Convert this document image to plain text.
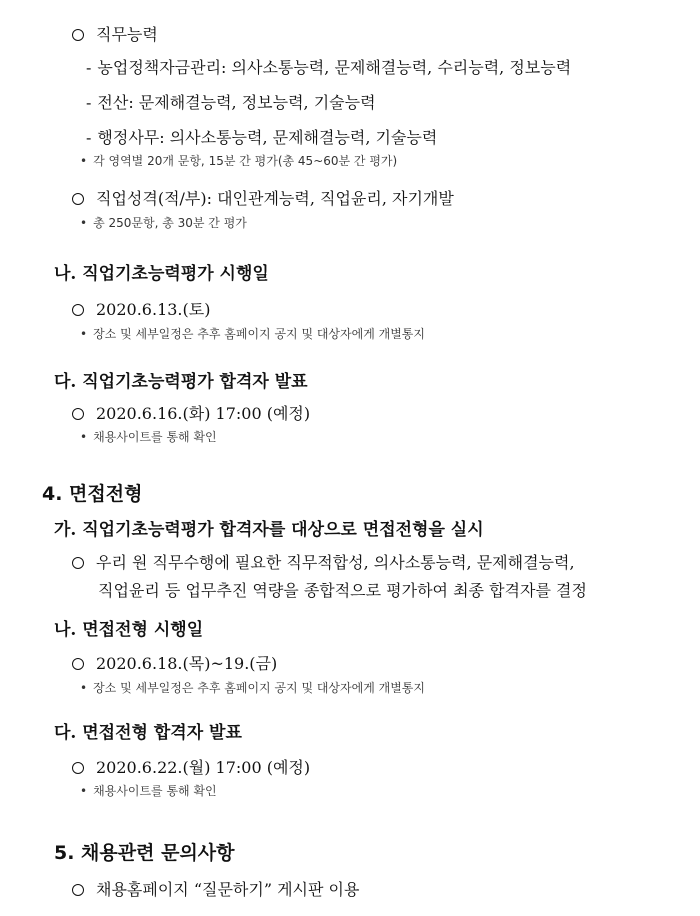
직무능력
- 농업정책자금관리: 의사소통능력, 문제해결능력, 수리능력, 정보능력
- 전산: 문제해결능력, 정보능력, 기술능력
- 행정사무: 의사소통능력, 문제해결능력, 기술능력
• 각 영역별 20개 문항, 15분 간 평가(총 45~60분 간 평가)
직업성격(적/부): 대인관계능력, 직업윤리, 자기개발
• 총 250문항, 총 30분 간 평가
나. 직업기초능력평가 시행일
2020.6.13.(토)
• 장소 및 세부일정은 추후 홈페이지 공지 및 대상자에게 개별통지
다. 직업기초능력평가 합격자 발표
2020.6.16.(화) 17:00 (예정)
• 채용사이트를 통해 확인
4. 면접전형
가. 직업기초능력평가 합격자를 대상으로 면접전형을 실시
우리 원 직무수행에 필요한 직무적합성, 의사소통능력, 문제해결능력,
직업윤리 등 업무추진 역량을 종합적으로 평가하여 최종 합격자를 결정
나. 면접전형 시행일
2020.6.18.(목)~19.(금)
• 장소 및 세부일정은 추후 홈페이지 공지 및 대상자에게 개별통지
다. 면접전형 합격자 발표
2020.6.22.(월) 17:00 (예정)
• 채용사이트를 통해 확인
5. 채용관련 문의사항
채용홈페이지 “질문하기” 게시판 이용
